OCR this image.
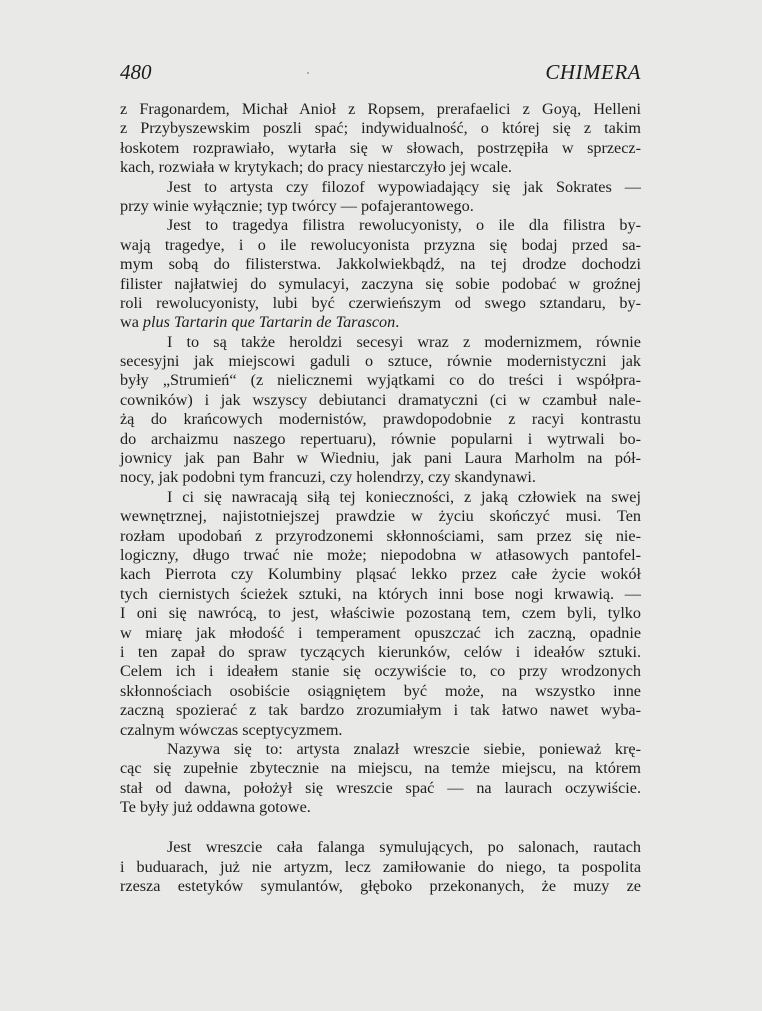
480	CHIMERA
z Fragonardem, Michał Anioł z Ropsem, prerafaelici z Goyą, Helleni
z Przybyszewskim poszli spać; indywidualność, o której się z takim
łoskotem rozprawiało, wytarła się w słowach, postrzępiła w sprzecz-
kach, rozwiała w krytykach; do pracy niestarczyło jej wcale.
Jest to artysta czy filozof wypowiadający się jak Sokrates —
przy winie wyłącznie; typ twórcy — pofajerantowego.
Jest to tragedya filistra rewolucyonisty, o ile dla filistra by-
wają tragedye, i o ile rewolucyonista przyzna się bodaj przed sa-
mym sobą do filisterstwa. Jakkolwiekbądź, na tej drodze dochodzi
filister najłatwiej do symulacyi, zaczyna się sobie podobać w groźnej
roli rewolucyonisty, lubi być czerwieńszym od swego sztandaru, by-
wa plus Tartarin que Tartarin de Tarascon.
I to są także heroldzi secesyi wraz z modernizmem, równie
secesyjni jak miejscowi gaduli o sztuce, równie modernistyczni jak
były „Strumień“ (z nielicznemi wyjątkami co do treści i współpra-
cowników) i jak wszyscy debiutanci dramatyczni (ci w czambuł nale-
żą do krańcowych modernistów, prawdopodobnie z racyi kontrastu
do archaizmu naszego repertuaru), równie popularni i wytrwali bo-
jownicy jak pan Bahr w Wiedniu, jak pani Laura Marholm na pół-
nocy, jak podobni tym francuzi, czy holendrzy, czy skandynawi.
I ci się nawracają siłą tej konieczności, z jaką człowiek na swej
wewnętrznej, najistotniejszej prawdzie w życiu skończyć musi. Ten
rozłam upodobań z przyrodzonemi skłonnościami, sam przez się nie-
logiczny, długo trwać nie może; niepodobna w atłasowych pantofel-
kach Pierrota czy Kolumbiny pląsać lekko przez całe życie wokół
tych ciernistych ścieżek sztuki, na których inni bose nogi krwawią. —
I oni się nawrócą, to jest, właściwie pozostaną tem, czem byli, tylko
w miarę jak młodość i temperament opuszczać ich zaczną, opadnie
i ten zapał do spraw tyczących kierunków, celów i ideałów sztuki.
Celem ich i ideałem stanie się oczywiście to, co przy wrodzonych
skłonnościach osobiście osiągniętem być może, na wszystko inne
zaczną spozierać z tak bardzo zrozumiałym i tak łatwo nawet wyba-
czalnym wówczas sceptycyzmem.
Nazywa się to: artysta znalazł wreszcie siebie, ponieważ krę-
cąc się zupełnie zbytecznie na miejscu, na temże miejscu, na którem
stał od dawna, położył się wreszcie spać — na laurach oczywiście.
Te były już oddawna gotowe.
Jest wreszcie cała falanga symulujących, po salonach, rautach
i buduarach, już nie artyzm, lecz zamiłowanie do niego, ta pospolita
rzesza estetyków symulantów, głęboko przekonanych, że muzy ze
